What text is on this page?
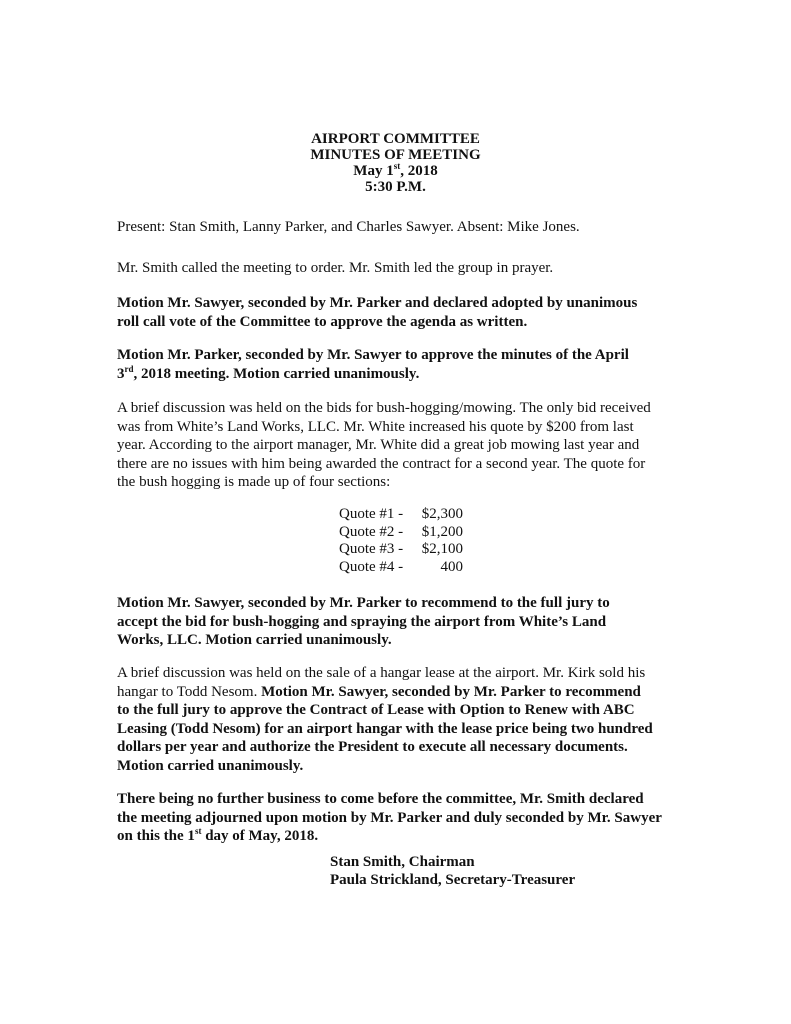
AIRPORT COMMITTEE
MINUTES OF MEETING
May 1st, 2018
5:30 P.M.
Present: Stan Smith, Lanny Parker, and Charles Sawyer. Absent: Mike Jones.
Mr. Smith called the meeting to order. Mr. Smith led the group in prayer.
Motion Mr. Sawyer, seconded by Mr. Parker and declared adopted by unanimous
roll call vote of the Committee to approve the agenda as written.
Motion Mr. Parker, seconded by Mr. Sawyer to approve the minutes of the April
3rd, 2018 meeting. Motion carried unanimously.
A brief discussion was held on the bids for bush-hogging/mowing. The only bid received
was from White’s Land Works, LLC. Mr. White increased his quote by $200 from last
year. According to the airport manager, Mr. White did a great job mowing last year and
there are no issues with him being awarded the contract for a second year. The quote for
the bush hogging is made up of four sections:
Quote #1 - $2,300
Quote #2 - $1,200
Quote #3 - $2,100
Quote #4 - 400
Motion Mr. Sawyer, seconded by Mr. Parker to recommend to the full jury to
accept the bid for bush-hogging and spraying the airport from White’s Land
Works, LLC. Motion carried unanimously.
A brief discussion was held on the sale of a hangar lease at the airport. Mr. Kirk sold his
hangar to Todd Nesom. Motion Mr. Sawyer, seconded by Mr. Parker to recommend
to the full jury to approve the Contract of Lease with Option to Renew with ABC
Leasing (Todd Nesom) for an airport hangar with the lease price being two hundred
dollars per year and authorize the President to execute all necessary documents.
Motion carried unanimously.
There being no further business to come before the committee, Mr. Smith declared
the meeting adjourned upon motion by Mr. Parker and duly seconded by Mr. Sawyer
on this the 1st day of May, 2018.
Stan Smith, Chairman
Paula Strickland, Secretary-Treasurer
